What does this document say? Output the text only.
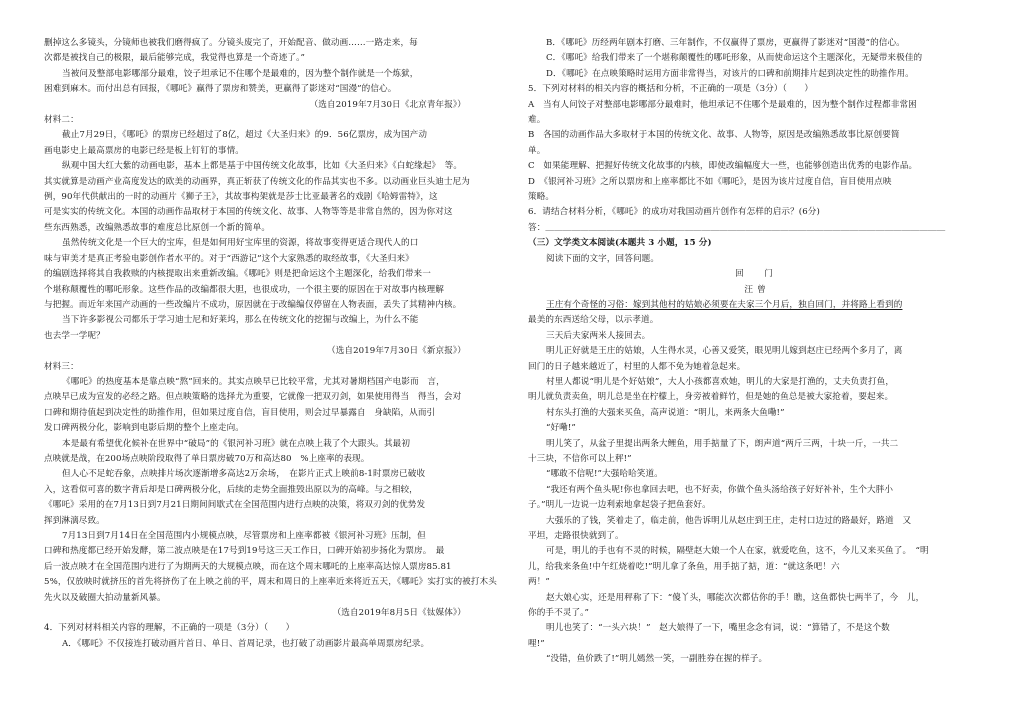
删掉这么多镜头，分镜师也被我们磨得疯了。分镜头废完了，开始配音、做动画……一路走来，每

次都是被找自己的极限，最后能够完成，我觉得也算是一个奇迹了。”

当被问及整部电影哪部分最难，饺子坦承记不住哪个是最难的，因为整个制作就是一个炼狱，

困难到麻木。而付出总有回报，《哪吒》赢得了票房和赞美，更赢得了影迷对“国漫”的信心。

（选自2019年7月30日《北京青年报》）

材料二：

截止7月29日，《哪吒》的票房已经超过了8亿，超过《大圣归来》的9．56亿票房，成为国产动

画电影史上最高票房的电影已经是板上钉钉的事情。

纵观中国大红大紫的动画电影，基本上都是基于中国传统文化故事，比如《大圣归来》《白蛇缘起》　等。

其实就算是动画产业高度发达的欧美的动画界，真正斩获了传统文化的作品其实也不多。以动画业巨头迪士尼为

例，90年代供献出的一时的动画片《狮子王》，其故事构架就是莎士比亚最著名的戏剧《哈姆雷特》，这

可是实实的传统文化。本国的动画作品取材于本国的传统文化、故事、人物等等是非常自然的，因为你对这

些东西熟悉，改编熟悉故事的难度总比原创一个新的简单。

虽然传统文化是一个巨大的宝库，但是如何用好宝库里的资源，将故事变得更适合现代人的口

味与审美才是真正考验电影创作者水平的。对于“西游记”这个大家熟悉的取经故事，《大圣归来》

的编剧选择将其自我救赎的内核提取出来重新改编。《哪吒》则是把命运这个主题深化，给我们带来一

个堪称颠覆性的哪吒形象。这些作品的改编都很大胆，也很成功，一个很主要的原因在于对故事内核理解

与把握。而近年来国产动画的一些改编片不成功，原因就在于改编编仅停留在人物表面，丢失了其精神内核。

当下许多影视公司都乐于学习迪士尼和好莱坞，那么在传统文化的挖掘与改编上，为什么不能

也去学一学呢？

（选自2019年7月30日《新京报》）

材料三：

《哪吒》的热度基本是靠点映“熬”回来的。其实点映早已比较平常，尤其对暑期档国产电影而　言，

点映早已成为宣发的必经之路。但点映策略的选择尤为重要，它就像一把双刃剑，如果使用得当　得当，会对

口碑和期待值起到决定性的助推作用，但如果过度自信，盲目使用，则会过早暴露自　身缺陷，从而引

发口碑两极分化，影响到电影后期的整个上座走向。

本是最有希望优化候补在世界中“破局”的《银河补习班》就在点映上栽了个大跟头。其最初

点映就是战，在200场点映阶段取得了单日票房破70万和高达80　%上座率的表现。

但人心不足蛇吞象，点映排片场次逐渐增多高达2万余场，　在影片正式上映前8-1时票房已破收

入，这看似可喜的数字背后却是口碑两极分化，后续的走势全面推毁出原以为的高峰。与之相较，

《哪吒》采用的在7月13日到7月21日期间间歇式在全国范围内进行点映的决策，将双刃剑的优势发

挥到淋漓尽致。

7月13日到7月14日在全国范围内小规模点映，尽管票房和上座率都被《银河补习班》压制，但

口碑和热度都已经开始发酵，第二波点映是在17号到19号这三天工作日，口碑开始初步扬化为票房。　最

后一波点映才在全国范围内进行了为期两天的大规模点映，而在这个周末哪吒的上座率高达惊人票房85.81

5%，仅放映时就挤压的首先将挤伤了在上映之前的平，周末和周日的上座率近来将近五天，《哪吒》实打实的被打木头

先火以及破圈大拍动量新风暴。

（选自2019年8月5日《钛媒体》）

4．下列对材料相关内容的理解，不正确的一项是（3分）（　　）

A．《哪吒》不仅接连打破动画片首日、单日、首周记录，也打破了动画影片最高单周票房纪录。

B．《哪吒》历经两年剧本打磨、三年制作，不仅赢得了票房，更赢得了影迷对“国漫”的信心。

C．《哪吒》给我们带来了一个堪称颠覆性的哪吒形象，从而使命运这个主题深化，无疑带来极佳的

D．《哪吒》在点映策略时运用方面非常得当，对该片的口碑和前期排片起到决定性的助推作用。

5．下列对材料的相关内容的概括和分析，不正确的一项是（3分）（　　）

A　当有人问饺子对整部电影哪部分最难时，他坦承记不住哪个是最难的，因为整个制作过程都非常困

难。

B　各国的动画作品大多取材于本国的传统文化、故事、人物等，原因是改编熟悉故事比原创要简

单。

C　如果能理解、把握好传统文化故事的内核，即使改编幅度大一些，也能够创造出优秀的电影作品。

D　《银河补习班》之所以票房和上座率都比不如《哪吒》，是因为该片过度自信，盲目使用点映

策略。

6．请结合材料分析，《哪吒》的成功对我国动画片创作有怎样的启示？(6分)

答：＿＿＿＿＿＿＿＿＿＿＿＿＿＿＿＿＿＿＿＿＿＿＿＿＿＿＿＿＿＿＿＿＿＿＿＿＿＿＿＿＿＿＿＿＿＿

（三）文学类文本阅读(本题共 3 小题，15 分)

阅读下面的文字，回答问题。

回　门

汪曾

王庄有个奇怪的习俗：嫁到其他村的姑娘必须要在夫家三个月后，独自回门，并将路上看到的

最美的东西送给父母，以示孝道。

三天后夫家两米人接回去。

明儿正好就是王庄的姑娘，人生得水灵，心善又爱笑，眼见明儿嫁到赵庄已经两个多月了，离

回门的日子越来越近了，村里的人都不免为她着急起来。

村里人都说“明儿是个好姑娘”，大人小孩都喜欢她，明儿的大家是打渔的，丈夫负责打鱼，

明儿就负责卖鱼，明儿总是坐在柠檬上，身旁被着鲜竹，但是她的鱼总是被大家抢着，要起来。

村东头打渔的大强来买鱼，高声说道：“明儿，来两条大鱼嘞!”

“好嘞!”

明儿笑了，从盆子里提出两条大鲤鱼，用手掂量了下，朗声道“两斤三两，十块一斤，一共二

十三块，不信你可以上秤!”

“哪敢不信呢!”大强哈哈笑道。

“我还有两个鱼头呢!你也拿回去吧，也不好卖，你做个鱼头汤给孩子好好补补，生个大胖小

子。”明儿一边说一边利索地拿起袋子把鱼套好。

大强乐的了钱，笑着走了，临走前，他告诉明儿从赵庄到王庄，走村口边过的路最好，路道　又

平坦，走路很快就到了。

可是，明儿的手也有不灵的时候，隔壁赵大娘一个人在家，就爱吃鱼，这不，今儿又来买鱼了。　“明

儿，给我来条鱼!中午红烧着吃!”明儿拿了条鱼，用手掂了掂，道：“就这条吧！六

两！”

赵大娘心实，还是用秤称了下：“傻丫头，哪能次次都估你的手！瞧，这鱼都快七两半了，今　儿，

你的手不灵了。”

明儿也笑了：“一头六块！”　赵大娘得了一下，嘴里念念有词，说：“算错了，不是这个数

哩!”

“没错，鱼价跌了!”明儿嫣然一笑，一副胜券在握的样子。
